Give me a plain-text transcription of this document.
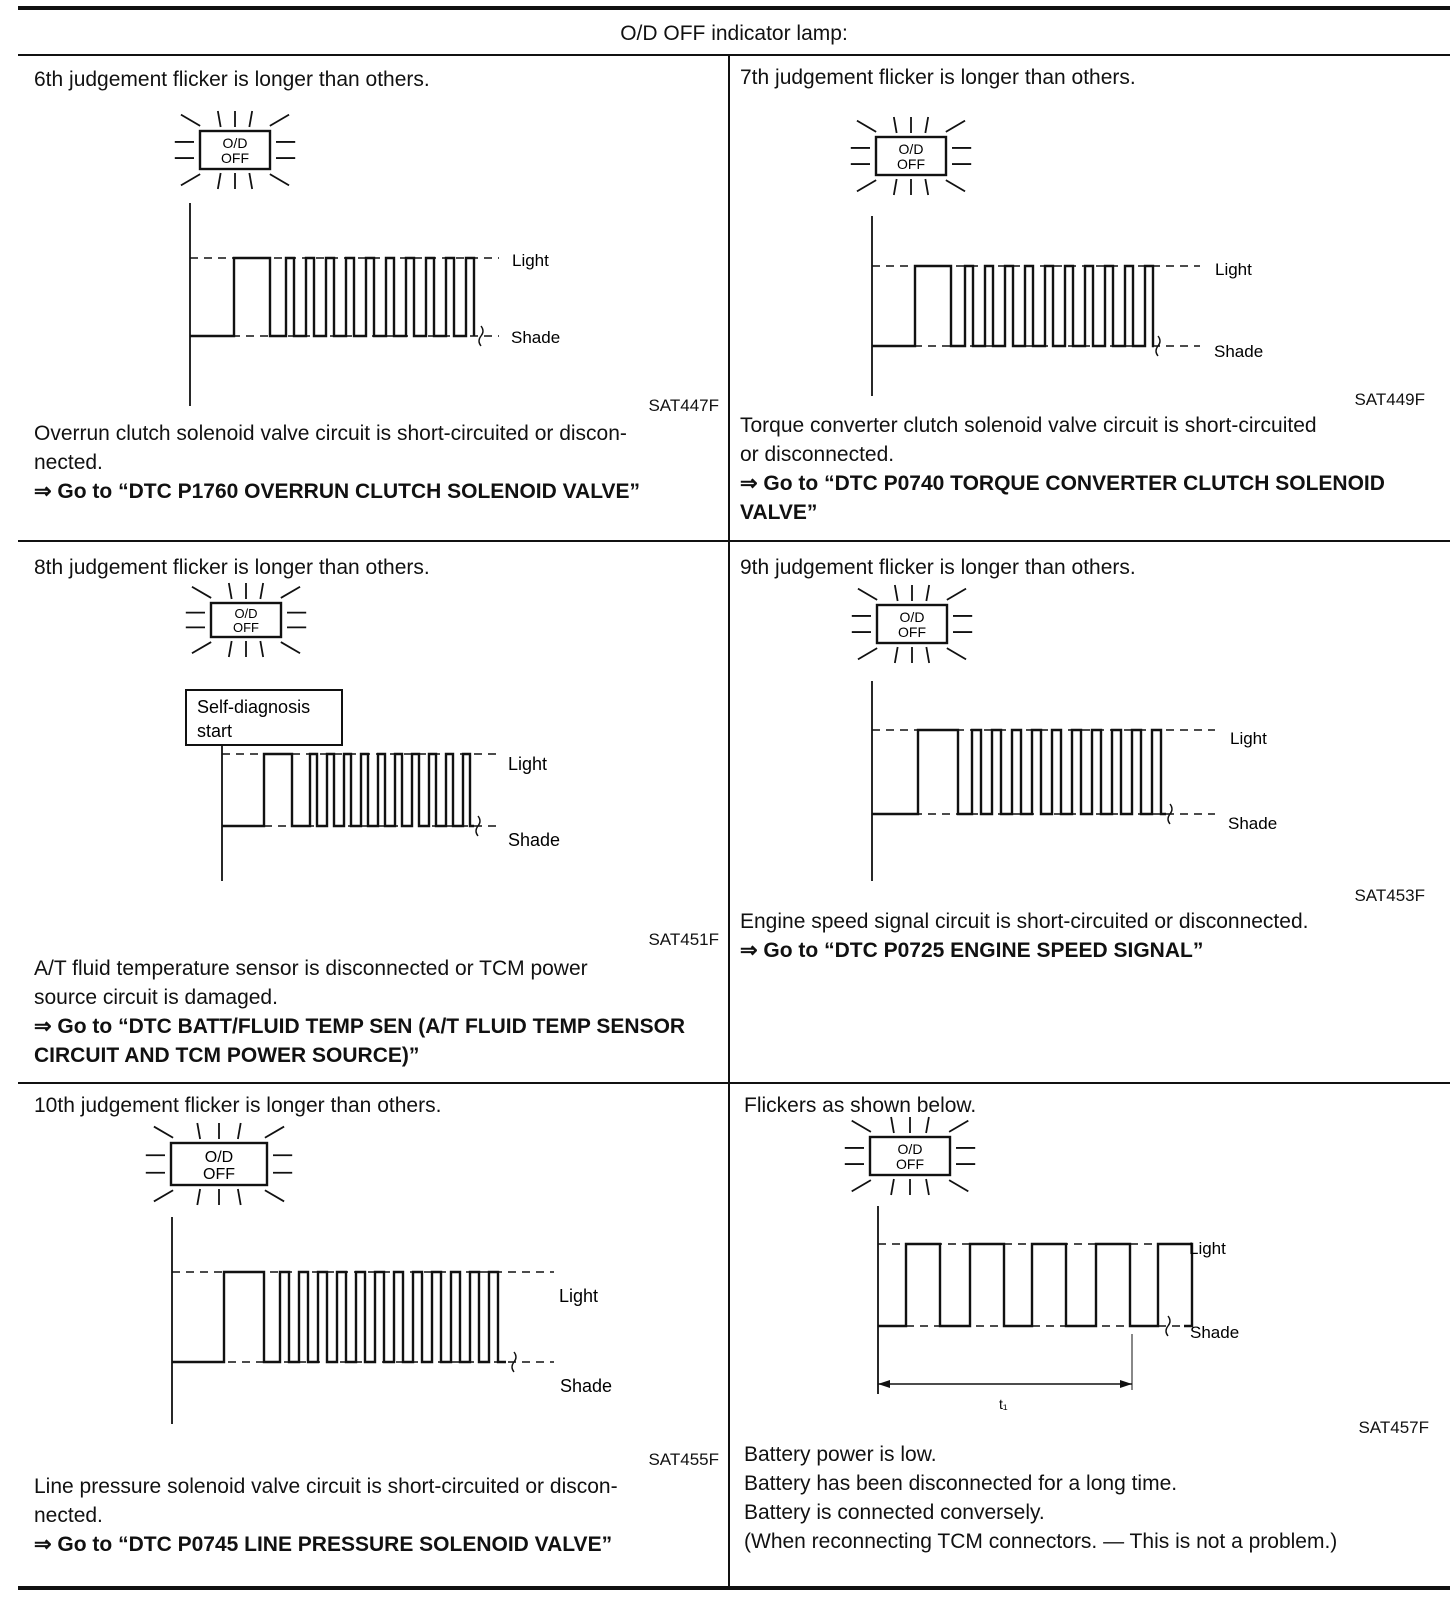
O/D OFF indicator lamp:
6th judgement flicker is longer than others.
O/D
OFF
Light
Shade
SAT447F

Overrun clutch solenoid valve circuit is short-circuited or discon-
nected.

⇒ Go to “DTC P1760 OVERRUN CLUTCH SOLENOID VALVE”

7th judgement flicker is longer than others.
O/D
OFF
Light
Shade
SAT449F

Torque converter clutch solenoid valve circuit is short-circuited
or disconnected.

⇒ Go to “DTC P0740 TORQUE CONVERTER CLUTCH SOLENOID VALVE”

8th judgement flicker is longer than others.
O/D
OFF
Self-diagnosis start
Light
Shade
SAT451F

A/T fluid temperature sensor is disconnected or TCM power
source circuit is damaged.

⇒ Go to “DTC BATT/FLUID TEMP SEN (A/T FLUID TEMP SENSOR CIRCUIT AND TCM POWER SOURCE)”

9th judgement flicker is longer than others.
O/D
OFF
Light
Shade
SAT453F

Engine speed signal circuit is short-circuited or disconnected.

⇒ Go to “DTC P0725 ENGINE SPEED SIGNAL”

10th judgement flicker is longer than others.
O/D
OFF
Light
Shade
SAT455F

Line pressure solenoid valve circuit is short-circuited or discon-
nected.

⇒ Go to “DTC P0745 LINE PRESSURE SOLENOID VALVE”

Flickers as shown below.
O/D
OFF
t₁
Light
Shade
SAT457F

Battery power is low.

Battery has been disconnected for a long time.

Battery is connected conversely.

(When reconnecting TCM connectors. — This is not a problem.)
